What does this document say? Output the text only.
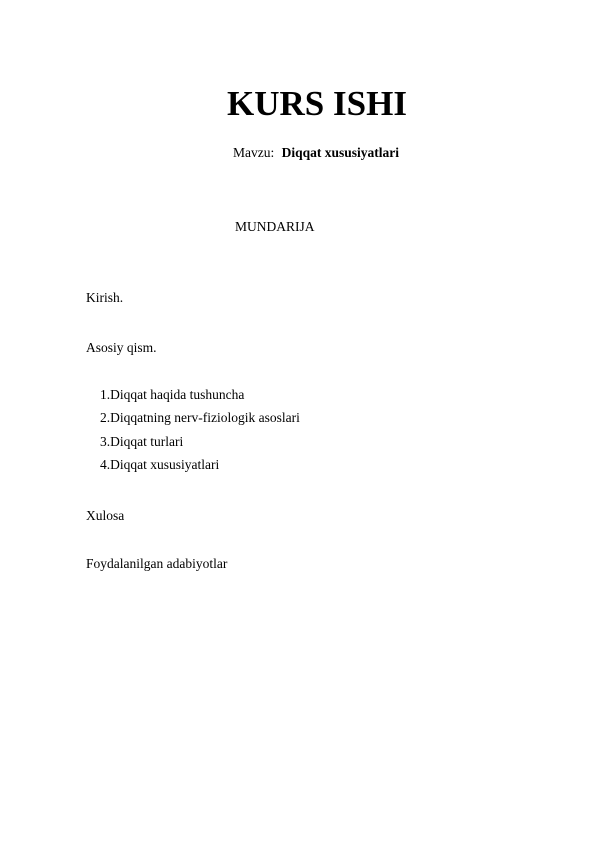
KURS ISHI
Mavzu: Diqqat xususiyatlari
MUNDARIJA
Kirish.
Asosiy qism.
1.Diqqat haqida tushuncha
2.Diqqatning nerv-fiziologik asoslari
3.Diqqat turlari
4.Diqqat xususiyatlari
Xulosa
Foydalanilgan adabiyotlar
